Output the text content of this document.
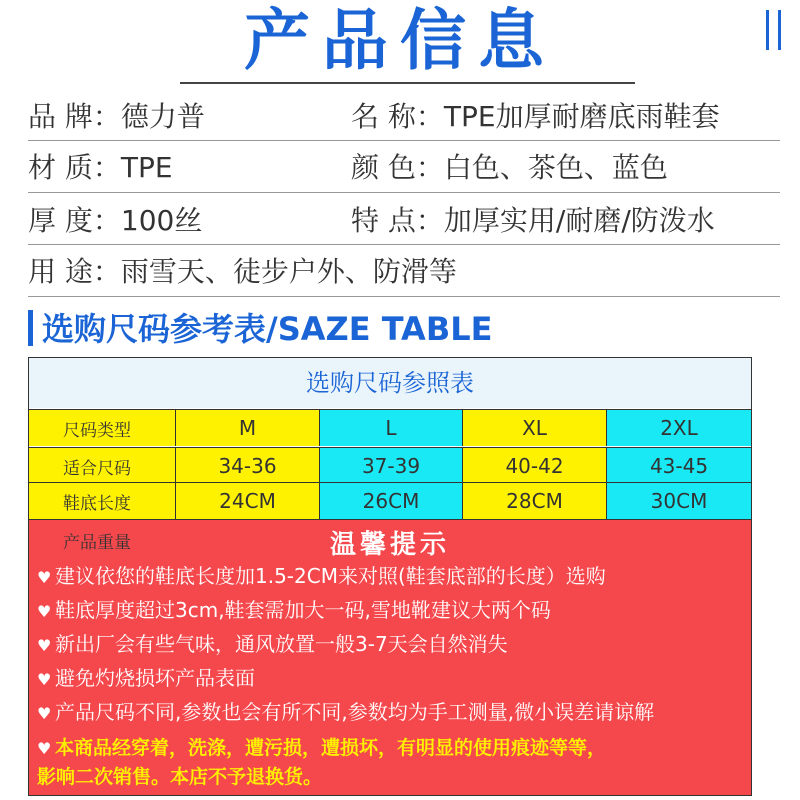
产品信息
品 牌：德力普	名 称：TPE加厚耐磨底雨鞋套
材 质：TPE	颜 色：白色、茶色、蓝色
厚 度：100丝	特 点：加厚实用/耐磨/防泼水
用 途：雨雪天、徒步户外、防滑等
选购尺码参考表/SAZE TABLE
选购尺码参照表
尺码类型	M	L	XL	2XL
适合尺码	34-36	37-39	40-42	43-45
鞋底长度	24CM	26CM	28CM	30CM
温馨提示
产品重量
♥ 建议依您的鞋底长度加1.5-2CM来对照(鞋套底部的长度）选购
♥ 鞋底厚度超过3cm,鞋套需加大一码,雪地靴建议大两个码
♥ 新出厂会有些气味，通风放置一般3-7天会自然消失
♥ 避免灼烧损坏产品表面
♥ 产品尺码不同,参数也会有所不同,参数均为手工测量,微小误差请谅解
♥ 本商品经穿着，洗涤，遭污损，遭损坏，有明显的使用痕迹等等，
影响二次销售。本店不予退换货。
